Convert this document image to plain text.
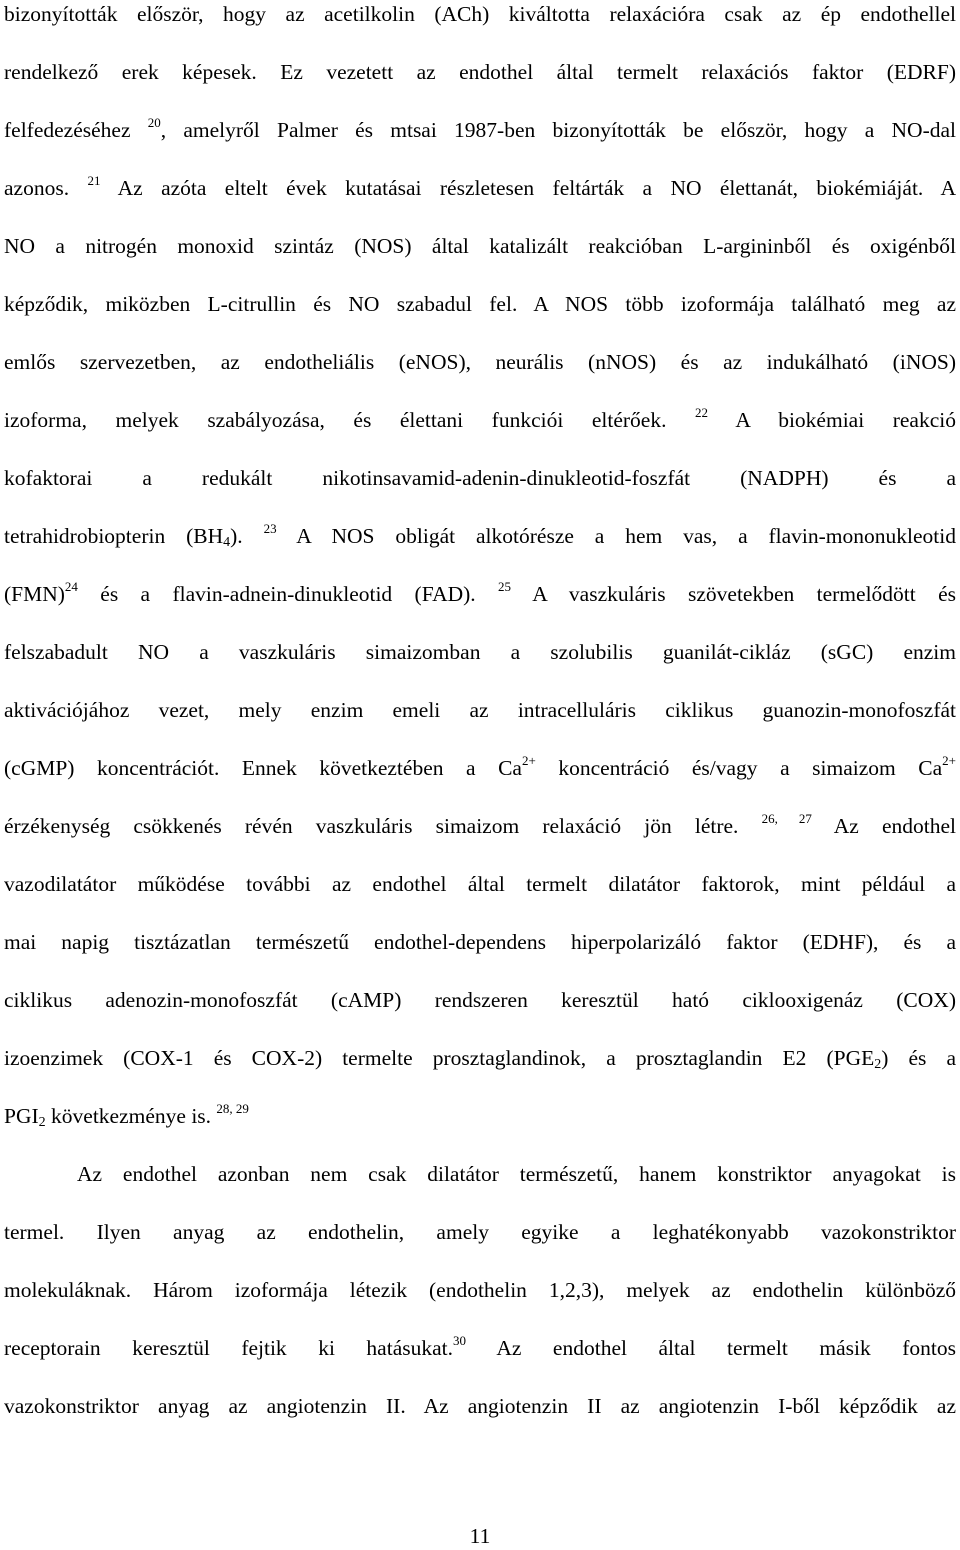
bizonyították először, hogy az acetilkolin (ACh) kiváltotta relaxációra csak az ép endothellel
rendelkező erek képesek. Ez vezetett az endothel által termelt relaxációs faktor (EDRF)
felfedezéséhez $^{20}$, amelyről Palmer és mtsai 1987-ben bizonyították be először, hogy a NO-dal
azonos. $^{21}$ Az azóta eltelt évek kutatásai részletesen feltárták a NO élettanát, biokémiáját. A
NO a nitrogén monoxid szintáz (NOS) által katalizált reakcióban L-argininből és oxigénből
képződik, miközben L-citrullin és NO szabadul fel. A NOS több izoformája található meg az
emlős szervezetben, az endotheliális (eNOS), neurális (nNOS) és az indukálható (iNOS)
izoforma, melyek szabályozása, és élettani funkciói eltérőek. $^{22}$ A biokémiai reakció
kofaktorai a redukált nikotinsavamid-adenin-dinukleotid-foszfát (NADPH) és a
tetrahidrobiopterin $(BH_4)$. $^{23}$ A NOS obligát alkotórésze a hem vas, a flavin-mononukleotid
(FMN)$^{24}$ és a flavin-adnein-dinukleotid (FAD). $^{25}$ A vaszkuláris szövetekben termelődött és
felszabadult NO a vaszkuláris simaizomban a szolubilis guanilát-cikláz (sGC) enzim
aktivációjához vezet, mely enzim emeli az intracelluláris ciklikus guanozin-monofoszfát
(cGMP) koncentrációt. Ennek következtében a $Ca^{2+}$ koncentráció és/vagy a simaizom $Ca^{2+}$
érzékenység csökkenés révén vaszkuláris simaizom relaxáció jön létre. $^{26, 27}$ Az endothel
vazodilatátor működése további az endothel által termelt dilatátor faktorok, mint például a
mai napig tisztázatlan természetű endothel-dependens hiperpolarizáló faktor (EDHF), és a
ciklikus adenozin-monofoszfát (cAMP) rendszeren keresztül ható ciklooxigenáz (COX)
izoenzimek (COX-1 és COX-2) termelte prosztaglandinok, a prosztaglandin E2 $(PGE_2)$ és a
$PGI_2$ következménye is. $^{28, 29}$
Az endothel azonban nem csak dilatátor természetű, hanem konstriktor anyagokat is
termel. Ilyen anyag az endothelin, amely egyike a leghatékonyabb vazokonstriktor
molekuláknak. Három izoformája létezik (endothelin 1,2,3), melyek az endothelin különböző
receptorain keresztül fejtik ki hatásukat.$^{30}$ Az endothel által termelt másik fontos
vazokonstriktor anyag az angiotenzin II. Az angiotenzin II az angiotenzin I-ből képződik az
11
